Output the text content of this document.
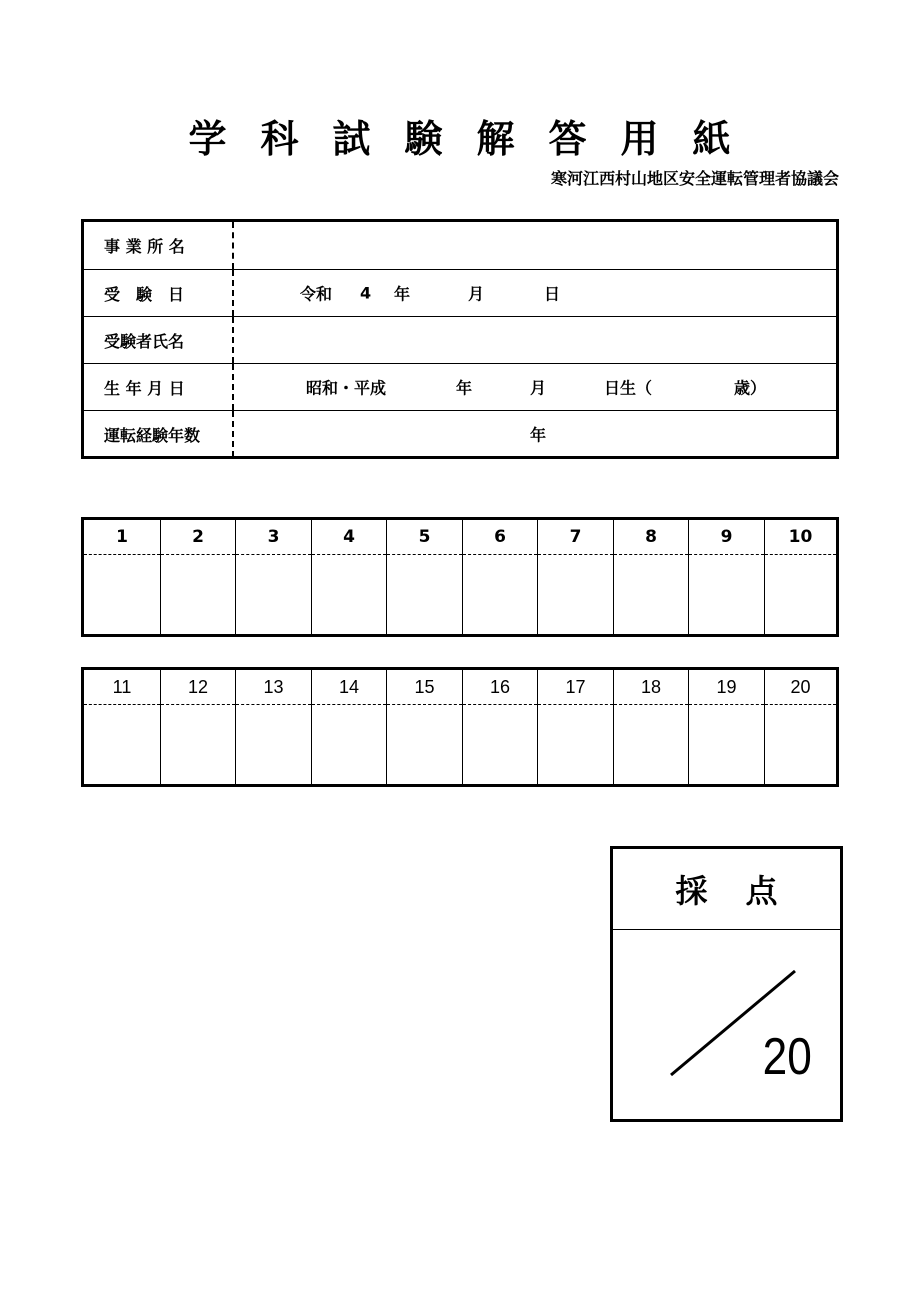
学科試験解答用紙
寒河江西村山地区安全運転管理者協議会
事 業 所 名
受　験　日	令和 4 年	月	日
受験者氏名
生 年 月 日	昭和・平成	年	月	日生（	歳）
運転経験年数	年
1	2	3	4	5	6	7	8	9	10
11	12	13	14	15	16	17	18	19	20
採点
20
